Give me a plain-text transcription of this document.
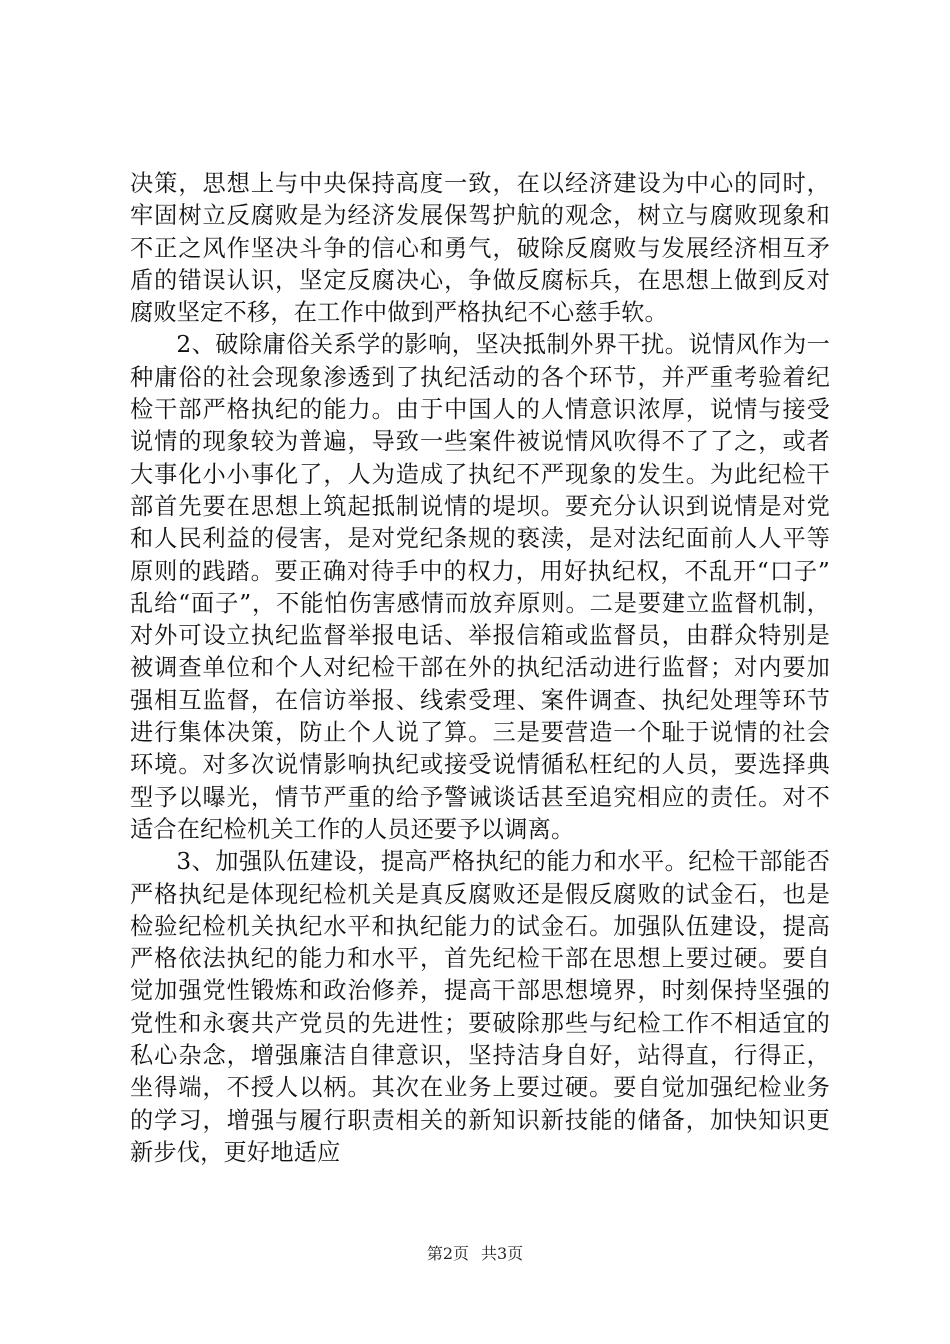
决策，思想上与中央保持高度一致，在以经济建设为中心的同时，牢固树立反腐败是为经济发展保驾护航的观念，树立与腐败现象和不正之风作坚决斗争的信心和勇气，破除反腐败与发展经济相互矛盾的错误认识，坚定反腐决心，争做反腐标兵，在思想上做到反对腐败坚定不移，在工作中做到严格执纪不心慈手软。

2、破除庸俗关系学的影响，坚决抵制外界干扰。说情风作为一种庸俗的社会现象渗透到了执纪活动的各个环节，并严重考验着纪检干部严格执纪的能力。由于中国人的人情意识浓厚，说情与接受说情的现象较为普遍，导致一些案件被说情风吹得不了了之，或者大事化小小事化了，人为造成了执纪不严现象的发生。为此纪检干部首先要在思想上筑起抵制说情的堤坝。要充分认识到说情是对党和人民利益的侵害，是对党纪条规的亵渎，是对法纪面前人人平等原则的践踏。要正确对待手中的权力，用好执纪权，不乱开“口子”乱给“面子”，不能怕伤害感情而放弃原则。二是要建立监督机制，对外可设立执纪监督举报电话、举报信箱或监督员，由群众特别是被调查单位和个人对纪检干部在外的执纪活动进行监督；对内要加强相互监督，在信访举报、线索受理、案件调查、执纪处理等环节进行集体决策，防止个人说了算。三是要营造一个耻于说情的社会环境。对多次说情影响执纪或接受说情循私枉纪的人员，要选择典型予以曝光，情节严重的给予警诫谈话甚至追究相应的责任。对不适合在纪检机关工作的人员还要予以调离。

3、加强队伍建设，提高严格执纪的能力和水平。纪检干部能否严格执纪是体现纪检机关是真反腐败还是假反腐败的试金石，也是检验纪检机关执纪水平和执纪能力的试金石。加强队伍建设，提高严格依法执纪的能力和水平，首先纪检干部在思想上要过硬。要自觉加强党性锻炼和政治修养，提高干部思想境界，时刻保持坚强的党性和永褒共产党员的先进性；要破除那些与纪检工作不相适宜的私心杂念，增强廉洁自律意识，坚持洁身自好，站得直，行得正，坐得端，不授人以柄。其次在业务上要过硬。要自觉加强纪检业务的学习，增强与履行职责相关的新知识新技能的储备，加快知识更新步伐，更好地适应

第2页 共3页
